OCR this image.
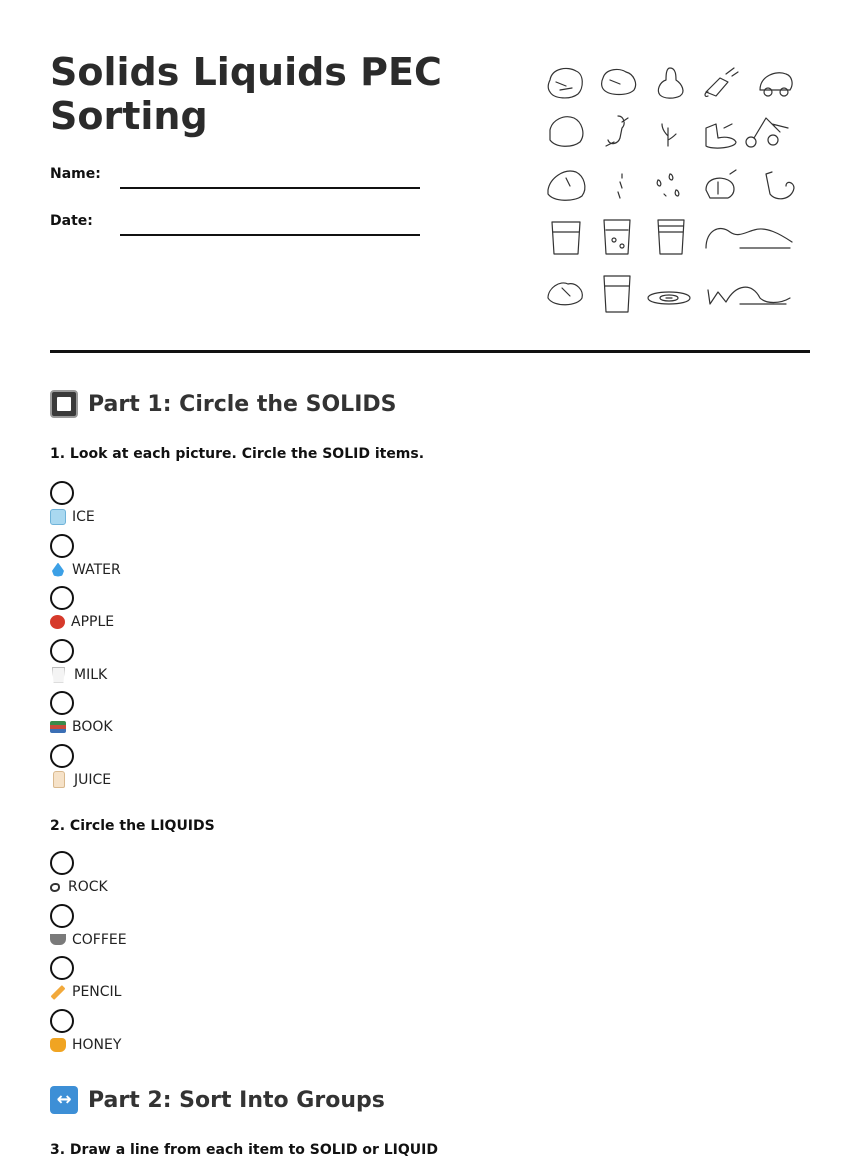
Solids Liquids PEC Sorting
Name:
Date:
Part 1: Circle the SOLIDS
1. Look at each picture. Circle the SOLID items.
ICE
WATER
APPLE
MILK
BOOK
JUICE
2. Circle the LIQUIDS
ROCK
COFFEE
PENCIL
HONEY
↔ Part 2: Sort Into Groups
3. Draw a line from each item to SOLID or LIQUID
